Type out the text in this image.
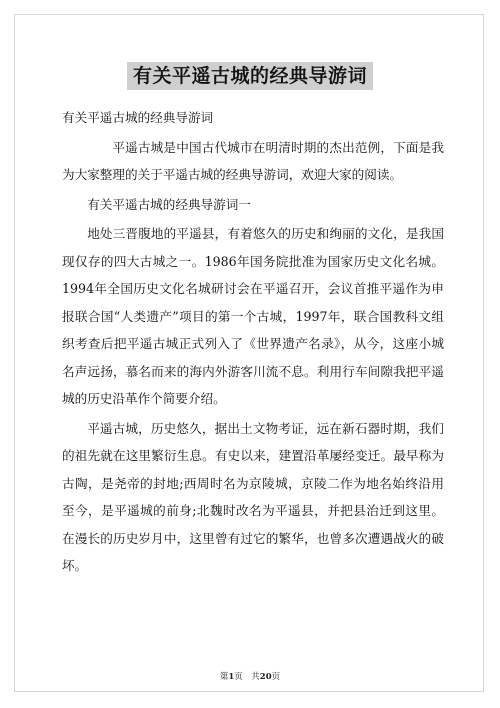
有关平遥古城的经典导游词

有关平遥古城的经典导游词

平遥古城是中国古代城市在明清时期的杰出范例，下面是我为大家整理的关于平遥古城的经典导游词，欢迎大家的阅读。

有关平遥古城的经典导游词一

地处三晋腹地的平遥县，有着悠久的历史和绚丽的文化，是我国现仅存的四大古城之一。1986年国务院批准为国家历史文化名城。1994年全国历史文化名城研讨会在平遥召开，会议首推平遥作为申报联合国“人类遗产”项目的第一个古城，1997年，联合国教科文组织考查后把平遥古城正式列入了《世界遗产名录》，从今，这座小城名声远扬，慕名而来的海内外游客川流不息。利用行车间隙我把平遥城的历史沿革作个简要介绍。

平遥古城，历史悠久，据出土文物考证，远在新石器时期，我们的祖先就在这里繁衍生息。有史以来，建置沿革屡经变迁。最早称为古陶，是尧帝的封地;西周时名为京陵城，京陵二作为地名始终沿用至今，是平遥城的前身;北魏时改名为平遥县，并把县治迁到这里。在漫长的历史岁月中，这里曾有过它的繁华，也曾多次遭遇战火的破坏。

第1页　共20页
